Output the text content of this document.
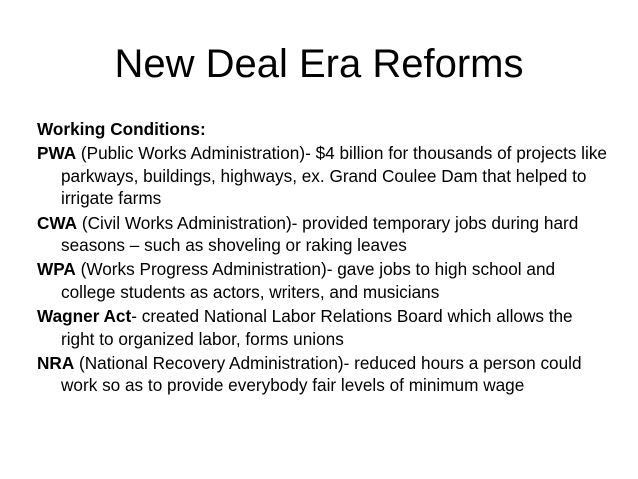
New Deal Era Reforms

Working Conditions:

PWA (Public Works Administration)- $4 billion for thousands of projects like parkways, buildings, highways, ex. Grand Coulee Dam that helped to irrigate farms

CWA (Civil Works Administration)- provided temporary jobs during hard seasons – such as shoveling or raking leaves

WPA (Works Progress Administration)- gave jobs to high school and college students as actors, writers, and musicians

Wagner Act- created National Labor Relations Board which allows the right to organized labor, forms unions

NRA (National Recovery Administration)- reduced hours a person could work so as to provide everybody fair levels of minimum wage
